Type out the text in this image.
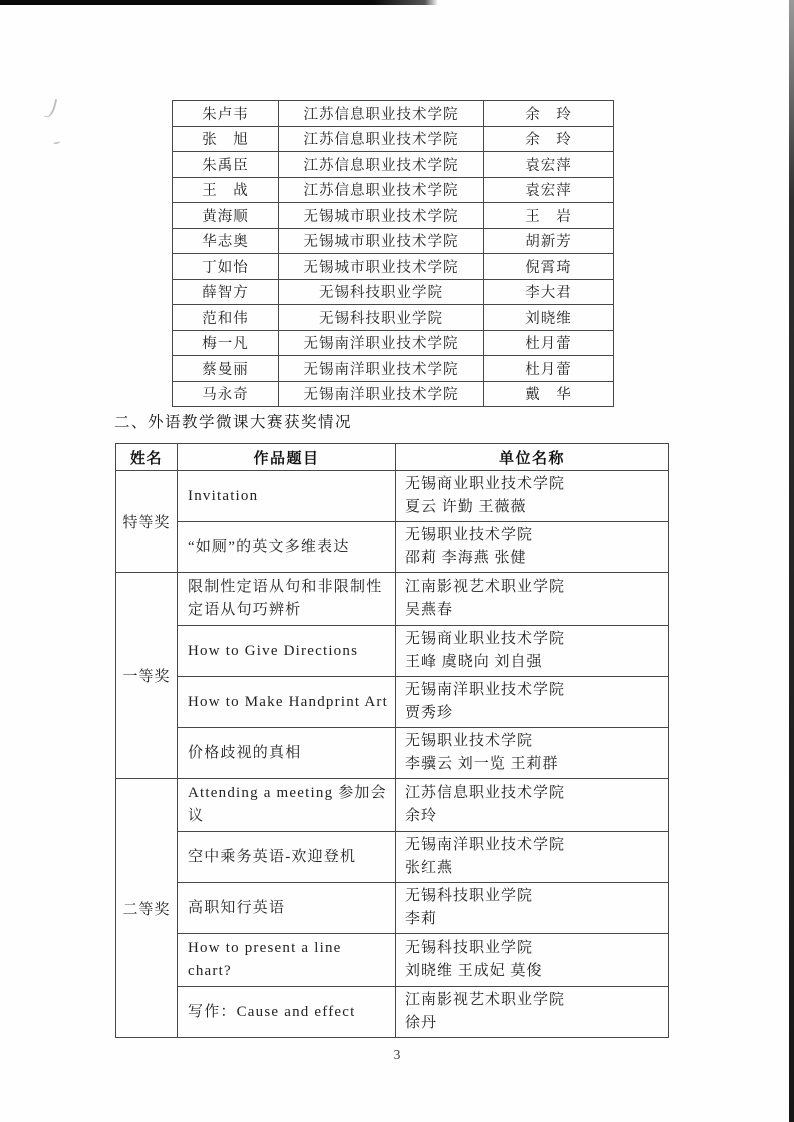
朱卢韦	江苏信息职业技术学院	余　玲
张　旭	江苏信息职业技术学院	余　玲
朱禹臣	江苏信息职业技术学院	袁宏萍
王　战	江苏信息职业技术学院	袁宏萍
黄海顺	无锡城市职业技术学院	王　岩
华志奥	无锡城市职业技术学院	胡新芳
丁如怡	无锡城市职业技术学院	倪霄琦
薛智方	无锡科技职业学院	李大君
范和伟	无锡科技职业学院	刘晓维
梅一凡	无锡南洋职业技术学院	杜月蕾
蔡曼丽	无锡南洋职业技术学院	杜月蕾
马永奇	无锡南洋职业技术学院	戴　华
二、外语教学微课大赛获奖情况
姓名	作品题目	单位名称
特等奖	Invitation	无锡商业职业技术学院
夏云 许勤 王薇薇

	“如厕”的英文多维表达	无锡职业技术学院
邵莉 李海燕 张健

一等奖	限制性定语从句和非限制性定语从句巧辨析	江南影视艺术职业学院
吴燕春

	How to Give Directions	无锡商业职业技术学院
王峰 虞晓向 刘自强

	How to Make Handprint Art	无锡南洋职业技术学院
贾秀珍

	价格歧视的真相	无锡职业技术学院
李骥云 刘一览 王莉群

二等奖	Attending a meeting 参加会议	江苏信息职业技术学院
余玲

	空中乘务英语-欢迎登机	无锡南洋职业技术学院
张红燕

	高职知行英语	无锡科技职业学院
李莉

	How to present a line chart?	无锡科技职业学院
刘晓维 王成妃 莫俊

	写作：Cause and effect	江南影视艺术职业学院
徐丹
3
